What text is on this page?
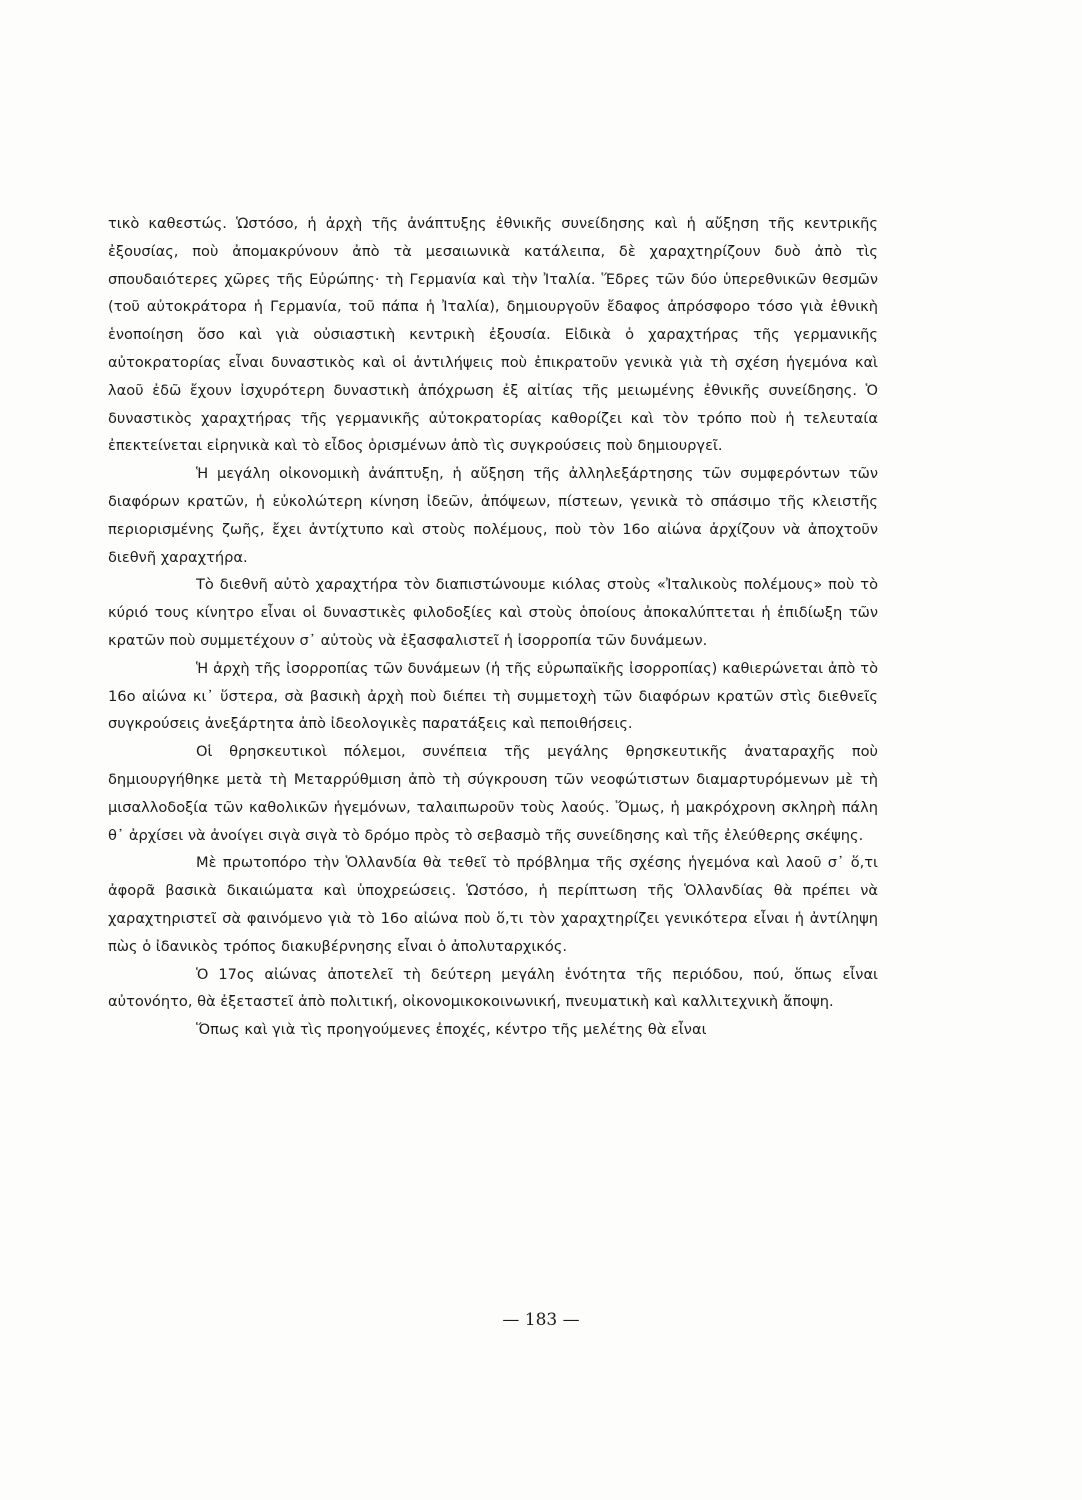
τικὸ καθεστώς. Ὡστόσο, ἡ ἀρχὴ τῆς ἀνάπτυξης ἐθνικῆς συνείδησης καὶ ἡ αὔξηση τῆς κεντρικῆς ἐξουσίας, ποὺ ἀπομακρύνουν ἀπὸ τὰ μεσαιωνικὰ κατάλειπα, δὲ χαραχτηρίζουν δυὸ ἀπὸ τὶς σπουδαιότερες χῶρες τῆς Εὐρώπης· τὴ Γερμανία καὶ τὴν Ἰταλία. Ἕδρες τῶν δύο ὑπερεθνικῶν θεσμῶν (τοῦ αὐτοκράτορα ἡ Γερμανία, τοῦ πάπα ἡ Ἰταλία), δημιουργοῦν ἔδαφος ἀπρόσφορο τόσο γιὰ ἐθνικὴ ἑνοποίηση ὅσο καὶ γιὰ οὐσιαστικὴ κεντρικὴ ἐξουσία. Εἰδικὰ ὁ χαραχτήρας τῆς γερμανικῆς αὐτοκρατορίας εἶναι δυναστικὸς καὶ οἱ ἀντιλήψεις ποὺ ἐπικρατοῦν γενικὰ γιὰ τὴ σχέση ἡγεμόνα καὶ λαοῦ ἐδῶ ἔχουν ἰσχυρότερη δυναστικὴ ἀπόχρωση ἐξ αἰτίας τῆς μειωμένης ἐθνικῆς συνείδησης. Ὁ δυναστικὸς χαραχτήρας τῆς γερμανικῆς αὐτοκρατορίας καθορίζει καὶ τὸν τρόπο ποὺ ἡ τελευταία ἐπεκτείνεται εἰρηνικὰ καὶ τὸ εἶδος ὁρισμένων ἀπὸ τὶς συγκρούσεις ποὺ δημιουργεῖ.

Ἡ μεγάλη οἰκονομικὴ ἀνάπτυξη, ἡ αὔξηση τῆς ἀλληλεξάρτησης τῶν συμφερόντων τῶν διαφόρων κρατῶν, ἡ εὐκολώτερη κίνηση ἰδεῶν, ἀπόψεων, πίστεων, γενικὰ τὸ σπάσιμο τῆς κλειστῆς περιορισμένης ζωῆς, ἔχει ἀντίχτυπο καὶ στοὺς πολέμους, ποὺ τὸν 16ο αἰώνα ἀρχίζουν νὰ ἀποχτοῦν διεθνῆ χαραχτήρα.

Τὸ διεθνῆ αὐτὸ χαραχτήρα τὸν διαπιστώνουμε κιόλας στοὺς «Ἰταλικοὺς πολέμους» ποὺ τὸ κύριό τους κίνητρο εἶναι οἱ δυναστικὲς φιλοδοξίες καὶ στοὺς ὁποίους ἀποκαλύπτεται ἡ ἐπιδίωξη τῶν κρατῶν ποὺ συμμετέχουν σ᾽ αὐτοὺς νὰ ἐξασφαλιστεῖ ἡ ἰσορροπία τῶν δυνάμεων.

Ἡ ἀρχὴ τῆς ἰσορροπίας τῶν δυνάμεων (ἡ τῆς εὐρωπαϊκῆς ἰσορροπίας) καθιερώνεται ἀπὸ τὸ 16ο αἰώνα κι᾽ ὕστερα, σὰ βασικὴ ἀρχὴ ποὺ διέπει τὴ συμμετοχὴ τῶν διαφόρων κρατῶν στὶς διεθνεῖς συγκρούσεις ἀνεξάρτητα ἀπὸ ἰδεολογικὲς παρατάξεις καὶ πεποιθήσεις.

Οἱ θρησκευτικοὶ πόλεμοι, συνέπεια τῆς μεγάλης θρησκευτικῆς ἀναταραχῆς ποὺ δημιουργήθηκε μετὰ τὴ Μεταρρύθμιση ἀπὸ τὴ σύγκρουση τῶν νεοφώτιστων διαμαρτυρόμενων μὲ τὴ μισαλλοδοξία τῶν καθολικῶν ἡγεμόνων, ταλαιπωροῦν τοὺς λαούς. Ὅμως, ἡ μακρόχρονη σκληρὴ πάλη θ᾽ ἀρχίσει νὰ ἀνοίγει σιγὰ σιγὰ τὸ δρόμο πρὸς τὸ σεβασμὸ τῆς συνείδησης καὶ τῆς ἐλεύθερης σκέψης.

Μὲ πρωτοπόρο τὴν Ὁλλανδία θὰ τεθεῖ τὸ πρόβλημα τῆς σχέσης ἡγεμόνα καὶ λαοῦ σ᾽ ὅ,τι ἀφορᾶ βασικὰ δικαιώματα καὶ ὑποχρεώσεις. Ὡστόσο, ἡ περίπτωση τῆς Ὁλλανδίας θὰ πρέπει νὰ χαραχτηριστεῖ σὰ φαινόμενο γιὰ τὸ 16ο αἰώνα ποὺ ὅ,τι τὸν χαραχτηρίζει γενικότερα εἶναι ἡ ἀντίληψη πὼς ὁ ἰδανικὸς τρόπος διακυβέρνησης εἶναι ὁ ἀπολυταρχικός.

Ὁ 17ος αἰώνας ἀποτελεῖ τὴ δεύτερη μεγάλη ἑνότητα τῆς περιόδου, πού, ὅπως εἶναι αὐτονόητο, θὰ ἐξεταστεῖ ἀπὸ πολιτική, οἰκονομικοκοινωνική, πνευματικὴ καὶ καλλιτεχνικὴ ἄποψη.

Ὅπως καὶ γιὰ τὶς προηγούμενες ἐποχές, κέντρο τῆς μελέτης θὰ εἶναι

— 183 —
